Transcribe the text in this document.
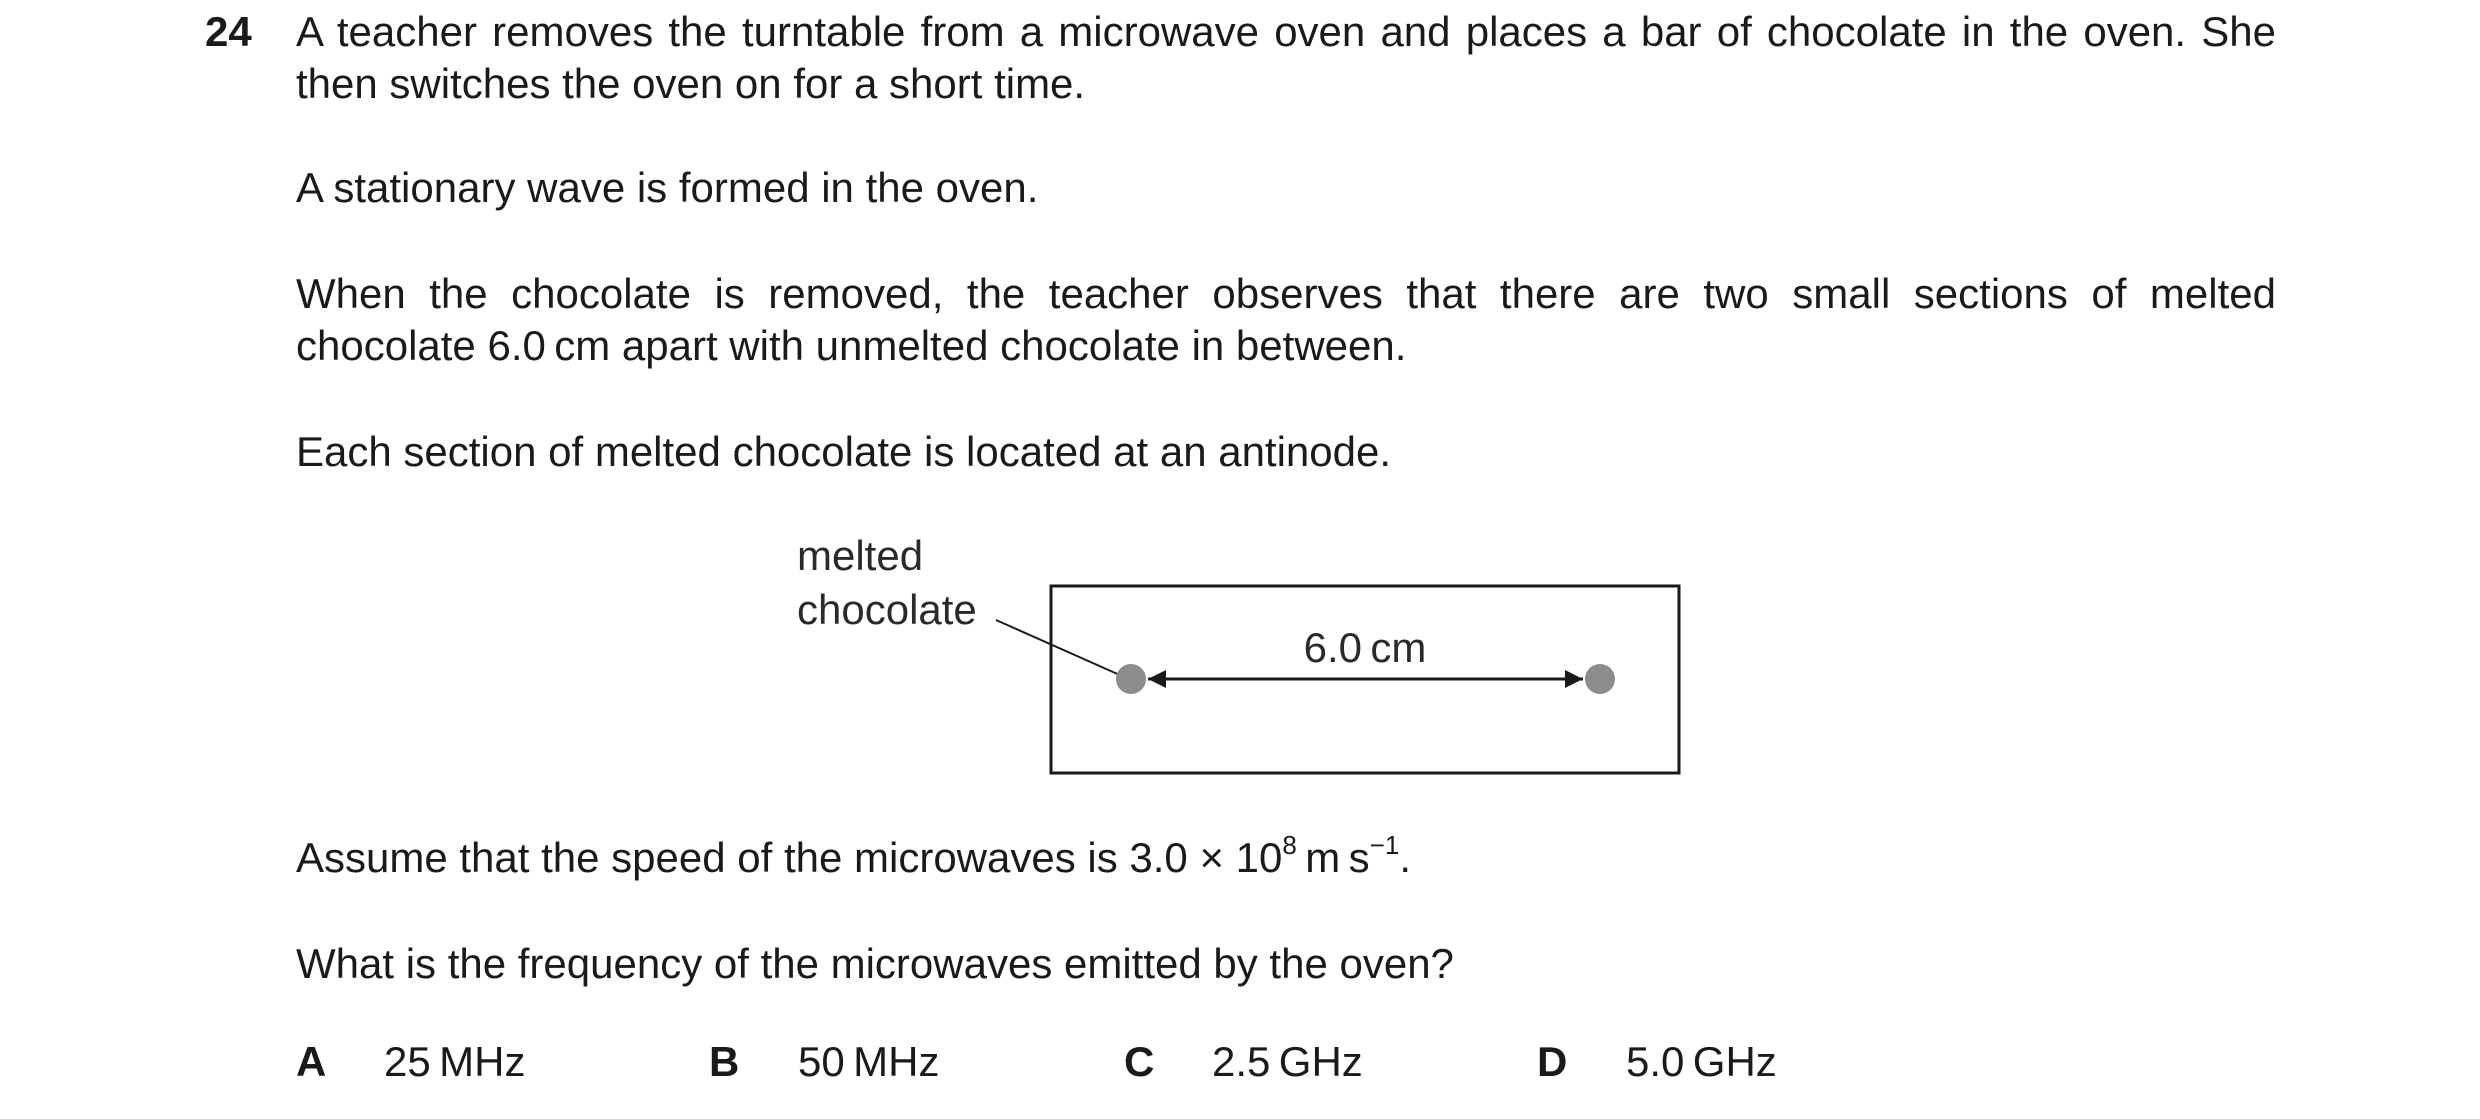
24 A teacher removes the turntable from a microwave oven and places a bar of chocolate in the oven. She then switches the oven on for a short time.

A stationary wave is formed in the oven.

When the chocolate is removed, the teacher observes that there are two small sections of melted chocolate 6.0 cm apart with unmelted chocolate in between.

Each section of melted chocolate is located at an antinode.

melted
chocolate
6.0 cm

Assume that the speed of the microwaves is $3.0 \times 10^8$ m $s^{-1}$.

What is the frequency of the microwaves emitted by the oven?

A 25 MHz	B 50 MHz	C 2.5 GHz	D 5.0 GHz
